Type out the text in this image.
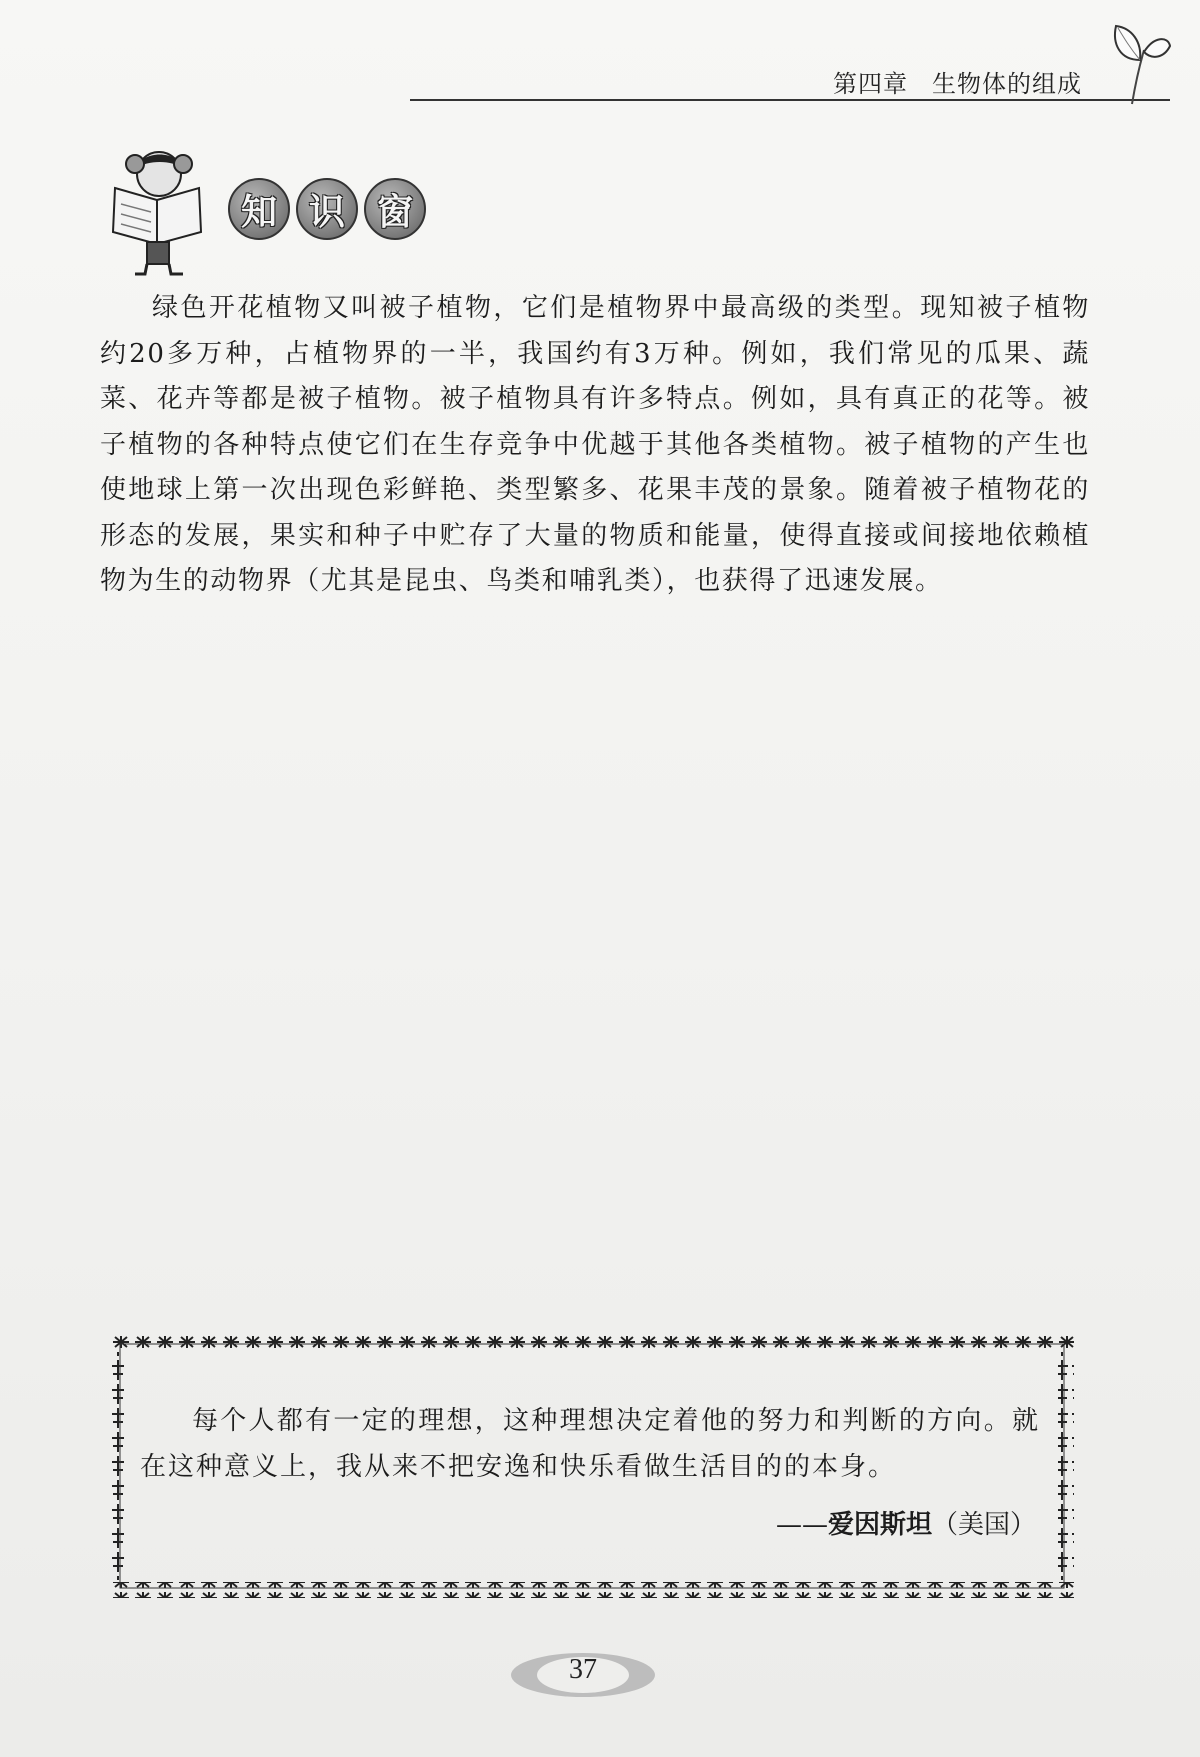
第四章 生物体的组成
知 识 窗

绿色开花植物又叫被子植物，它们是植物界中最高级的类型。现知被子植物约20多万种，占植物界的一半，我国约有3万种。例如，我们常见的瓜果、蔬菜、花卉等都是被子植物。被子植物具有许多特点。例如，具有真正的花等。被子植物的各种特点使它们在生存竞争中优越于其他各类植物。被子植物的产生也使地球上第一次出现色彩鲜艳、类型繁多、花果丰茂的景象。随着被子植物花的形态的发展，果实和种子中贮存了大量的物质和能量，使得直接或间接地依赖植物为生的动物界（尤其是昆虫、鸟类和哺乳类），也获得了迅速发展。

每个人都有一定的理想，这种理想决定着他的努力和判断的方向。就在这种意义上，我从来不把安逸和快乐看做生活目的的本身。

——爱因斯坦（美国）
37
